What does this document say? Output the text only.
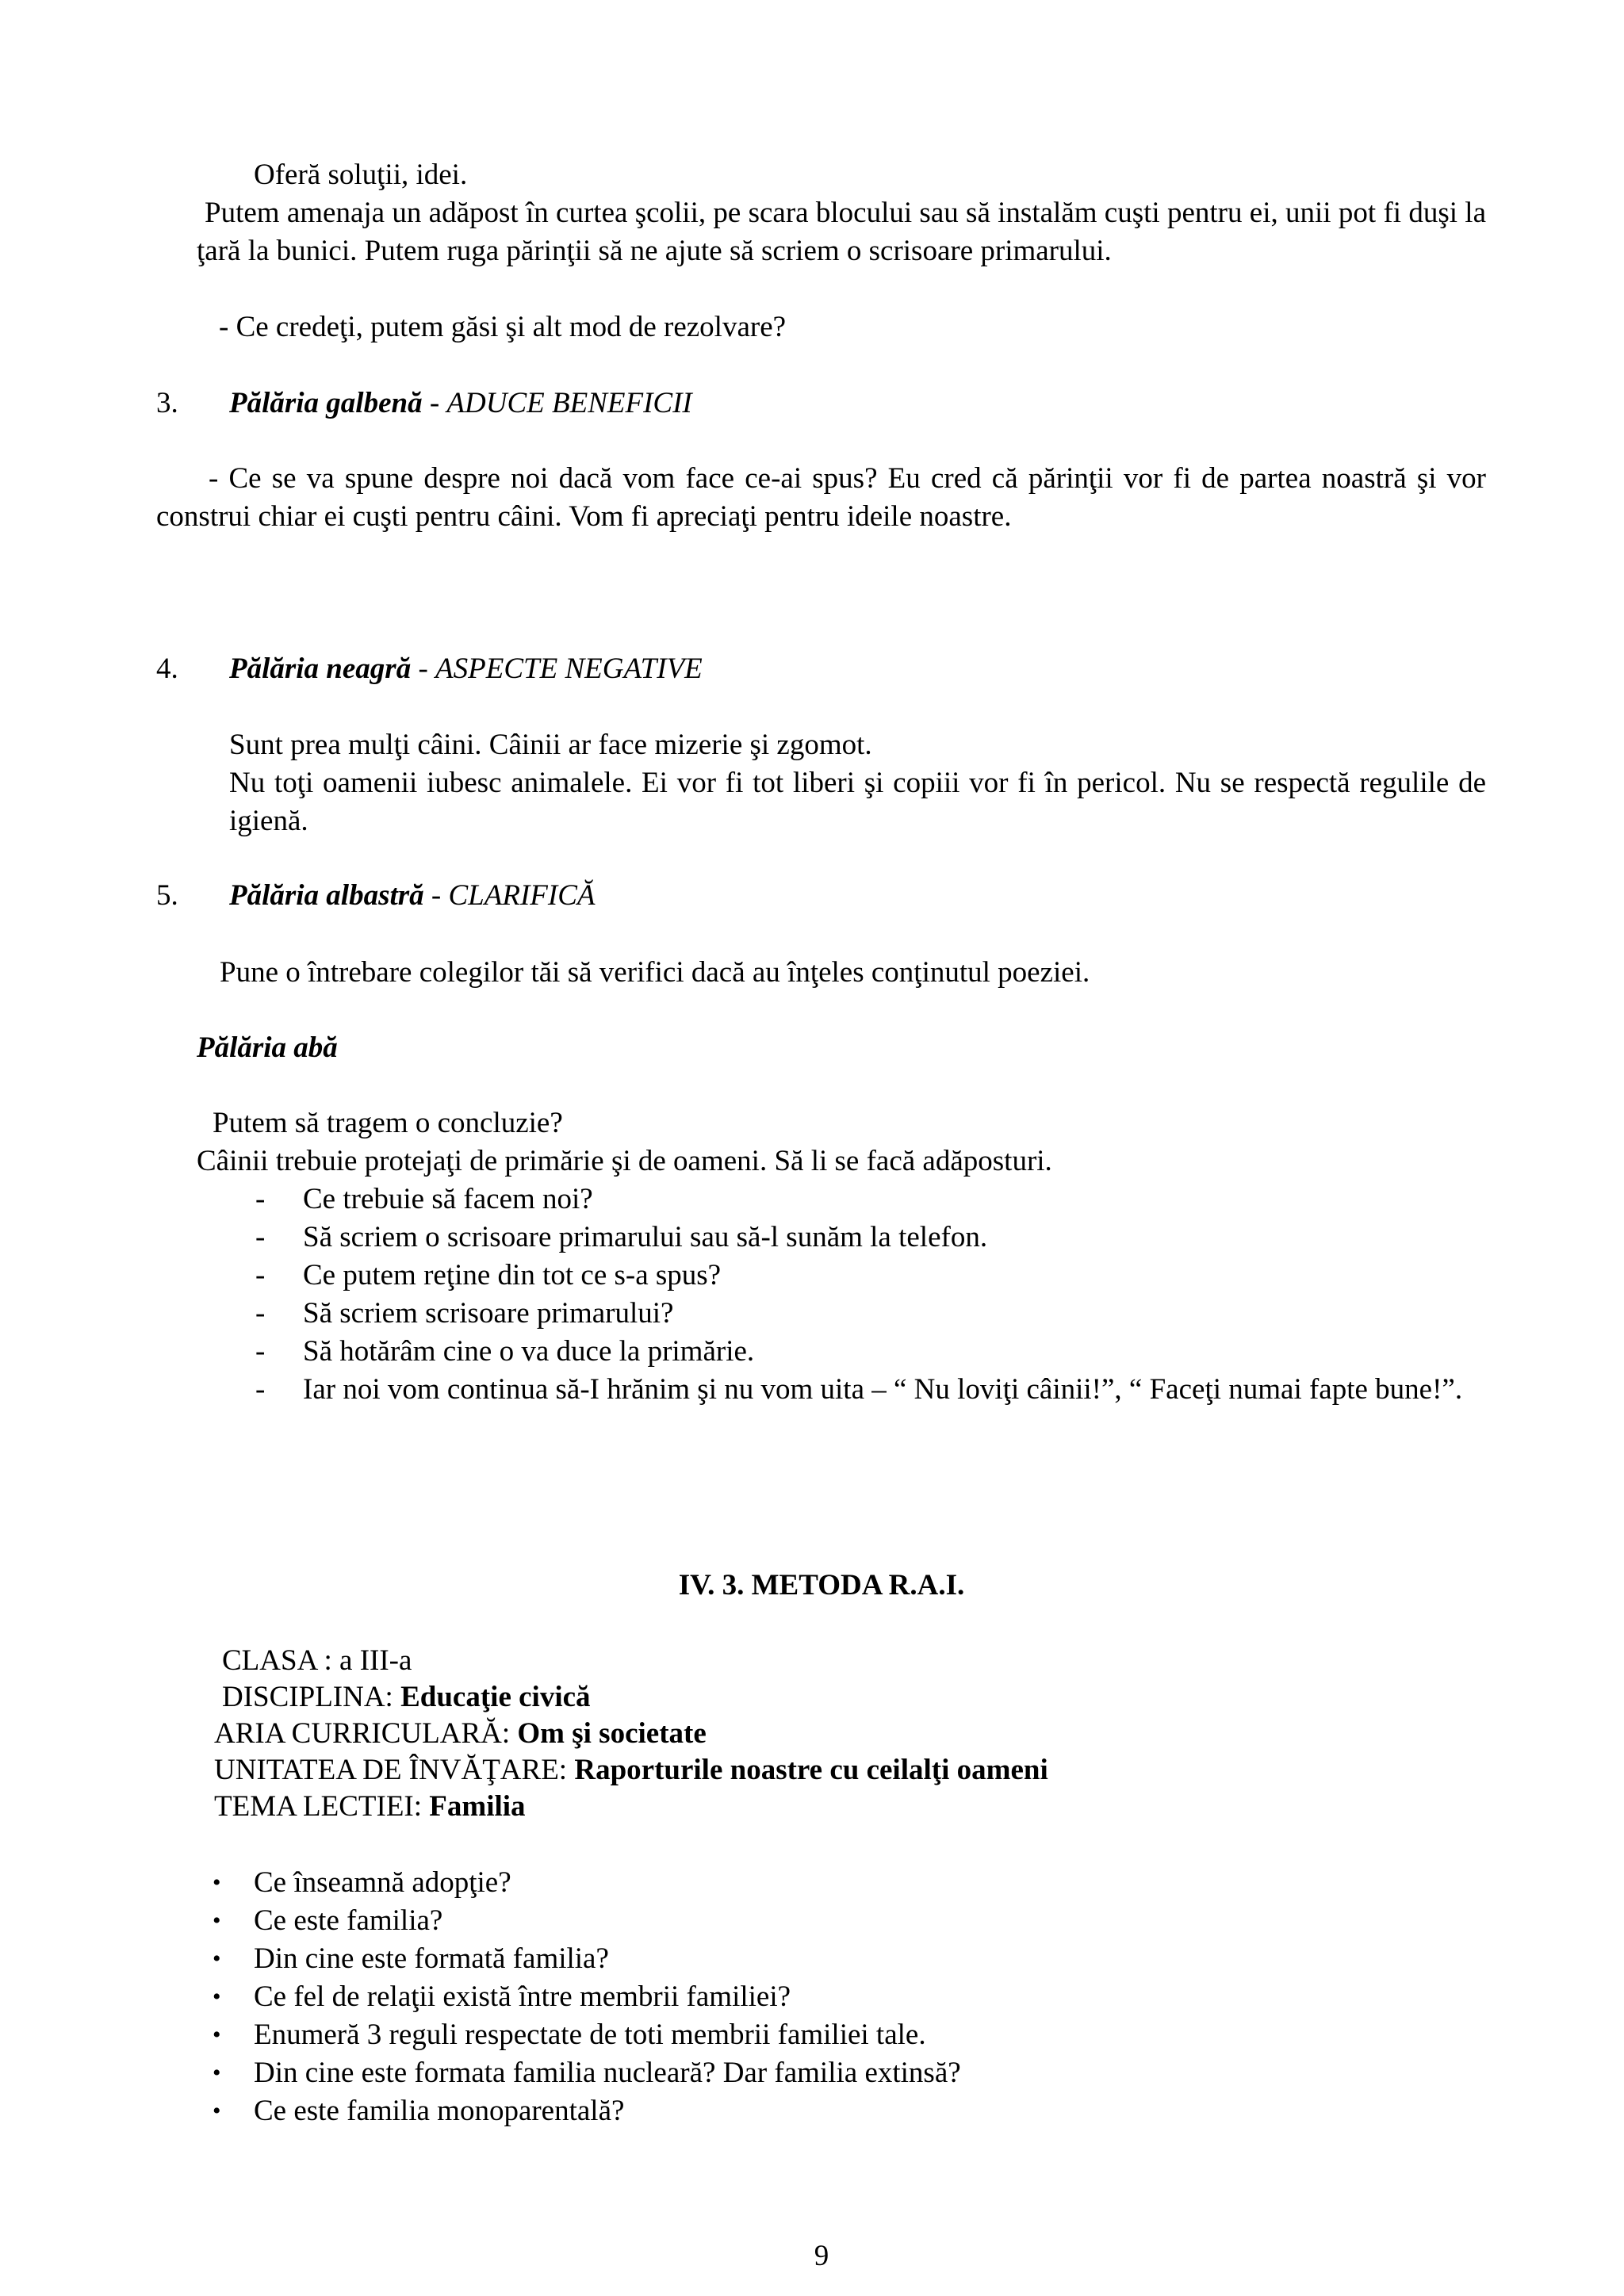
Oferă soluţii, idei.
Putem amenaja un adăpost în curtea şcolii, pe scara blocului sau să instalăm cuşti pentru ei, unii pot fi duşi la ţară la bunici. Putem ruga părinţii să ne ajute să scriem o scrisoare primarului.
- Ce credeţi, putem găsi şi alt mod de rezolvare?
3. Pălăria galbenă - ADUCE BENEFICII
- Ce se va spune despre noi dacă vom face ce-ai spus? Eu cred că părinţii vor fi de partea noastră şi vor construi chiar ei cuşti pentru câini. Vom fi apreciaţi pentru ideile noastre.
4. Pălăria neagră - ASPECTE NEGATIVE
Sunt prea mulţi câini. Câinii ar face mizerie şi zgomot.
Nu toţi oamenii iubesc animalele. Ei vor fi tot liberi şi copiii vor fi în pericol. Nu se respectă regulile de igienă.
5. Pălăria albastră - CLARIFICĂ
Pune o întrebare colegilor tăi să verifici dacă au înţeles conţinutul poeziei.
Pălăria abă
Putem să tragem o concluzie?
Câinii trebuie protejaţi de primărie şi de oameni. Să li se facă adăposturi.
- Ce trebuie să facem noi?
- Să scriem o scrisoare primarului sau să-l sunăm la telefon.
- Ce putem reţine din tot ce s-a spus?
- Să scriem scrisoare primarului?
- Să hotărâm cine o va duce la primărie.
- Iar noi vom continua să-I hrănim şi nu vom uita – “ Nu loviţi câinii!”, “ Faceţi numai fapte bune!”.
IV. 3. METODA R.A.I.
CLASA : a III-a
DISCIPLINA: Educaţie civică
ARIA CURRICULARĂ: Om şi societate
UNITATEA DE ÎNVĂŢARE: Raporturile noastre cu ceilalţi oameni
TEMA LECTIEI: Familia
• Ce înseamnă adopţie?
• Ce este familia?
• Din cine este formată familia?
• Ce fel de relaţii există între membrii familiei?
• Enumeră 3 reguli respectate de toti membrii familiei tale.
• Din cine este formata familia nucleară? Dar familia extinsă?
• Ce este familia monoparentală?
9
